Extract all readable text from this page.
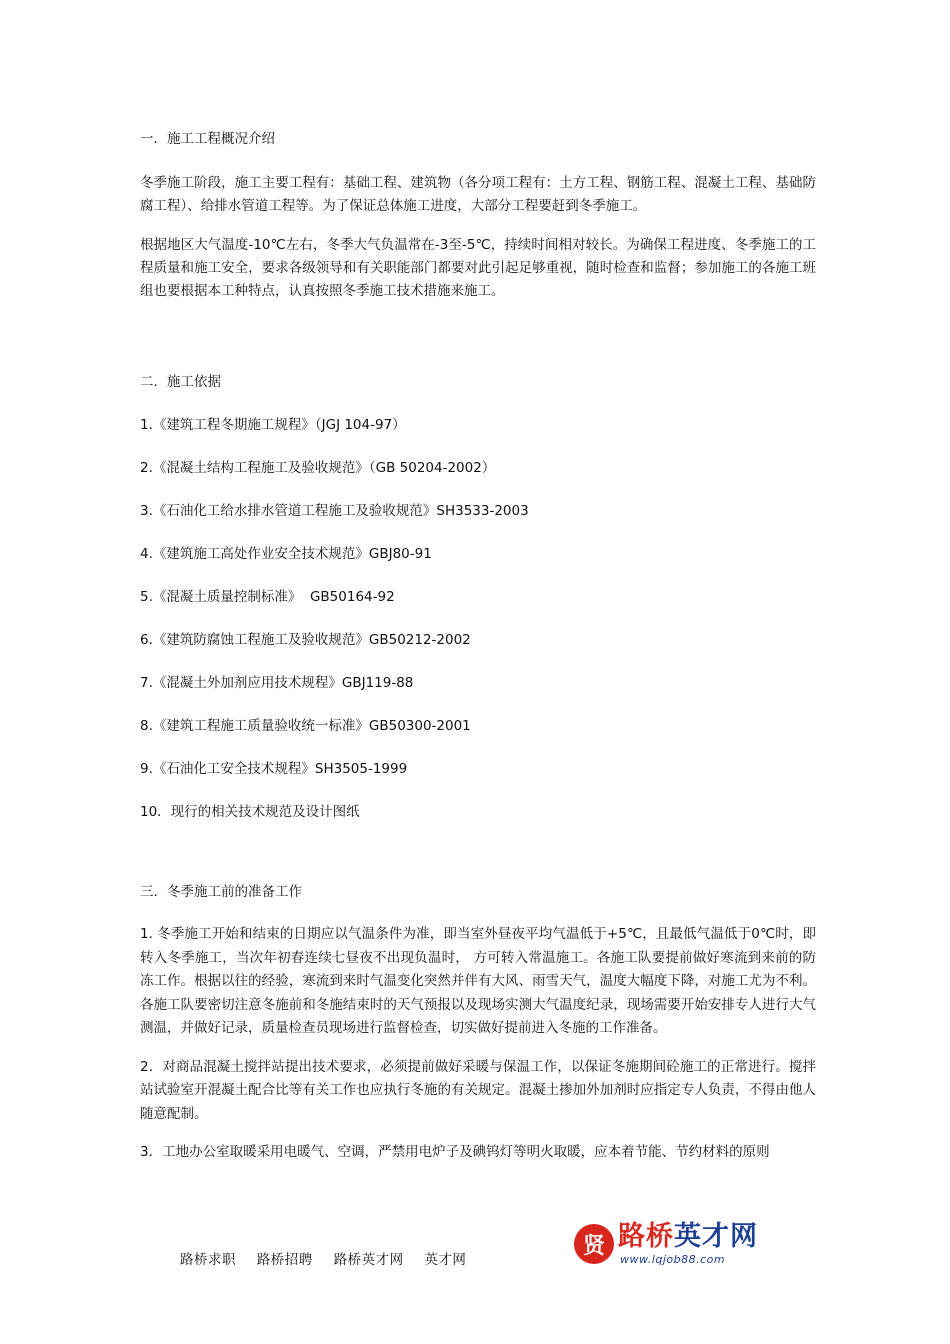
一．施工工程概况介绍

冬季施工阶段，施工主要工程有：基础工程、建筑物（各分项工程有：土方工程、钢筋工程、混凝土工程、基础防腐工程）、给排水管道工程等。为了保证总体施工进度，大部分工程要赶到冬季施工。

根据地区大气温度-10℃左右，冬季大气负温常在-3至-5℃，持续时间相对较长。为确保工程进度、冬季施工的工程质量和施工安全，要求各级领导和有关职能部门都要对此引起足够重视，随时检查和监督；参加施工的各施工班组也要根据本工种特点，认真按照冬季施工技术措施来施工。

二．施工依据
1.《建筑工程冬期施工规程》（JGJ 104-97）
2.《混凝土结构工程施工及验收规范》（GB 50204-2002）
3.《石油化工给水排水管道工程施工及验收规范》SH3533-2003
4.《建筑施工高处作业安全技术规范》GBJ80-91
5.《混凝土质量控制标准》  GB50164-92
6.《建筑防腐蚀工程施工及验收规范》GB50212-2002
7.《混凝土外加剂应用技术规程》GBJ119-88
8.《建筑工程施工质量验收统一标准》GB50300-2001
9.《石油化工安全技术规程》SH3505-1999
10．现行的相关技术规范及设计图纸
三．冬季施工前的准备工作

1. 冬季施工开始和结束的日期应以气温条件为准，即当室外昼夜平均气温低于+5℃，且最低气温低于0℃时，即转入冬季施工，当次年初春连续七昼夜不出现负温时， 方可转入常温施工。各施工队要提前做好寒流到来前的防冻工作。根据以往的经验，寒流到来时气温变化突然并伴有大风、雨雪天气，温度大幅度下降，对施工尤为不利。各施工队要密切注意冬施前和冬施结束时的天气预报以及现场实测大气温度纪录，现场需要开始安排专人进行大气测温，并做好记录，质量检查员现场进行监督检查，切实做好提前进入冬施的工作准备。

2．对商品混凝土搅拌站提出技术要求，必须提前做好采暖与保温工作，以保证冬施期间砼施工的正常进行。搅拌站试验室开混凝土配合比等有关工作也应执行冬施的有关规定。混凝土掺加外加剂时应指定专人负责，不得由他人随意配制。

3．工地办公室取暖采用电暖气、空调，严禁用电炉子及碘钨灯等明火取暖，应本着节能、节约材料的原则

路桥求职 路桥招聘 路桥英才网 英才网
贤 路桥英才网
www.lqjob88.com
